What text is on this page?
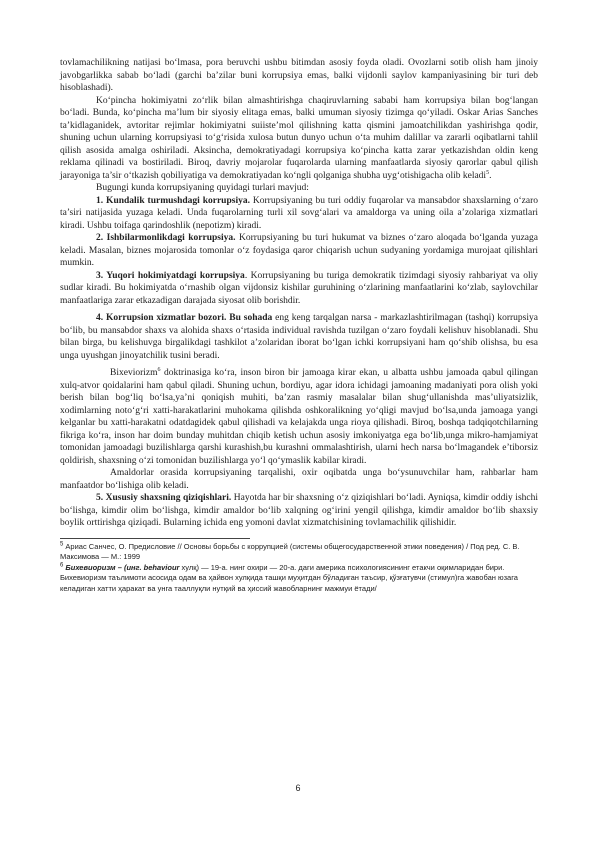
tovlamachilikning natijasi bo‘lmasa, pora beruvchi ushbu bitimdan asosiy foyda oladi. Ovozlarni sotib olish ham jinoiy javobgarlikka sabab bo‘ladi (garchi ba’zilar buni korrupsiya emas, balki vijdonli saylov kampaniyasining bir turi deb hisoblashadi).

Ko‘pincha hokimiyatni zo‘rlik bilan almashtirishga chaqiruvlarning sababi ham korrupsiya bilan bog‘langan bo‘ladi. Bunda, ko‘pincha ma’lum bir siyosiy elitaga emas, balki umuman siyosiy tizimga qo‘yiladi. Oskar Arias Sanches ta’kidlaganidek, avtoritar rejimlar hokimiyatni suiiste’mol qilishning katta qismini jamoatchilikdan yashirishga qodir, shuning uchun ularning korrupsiyasi to‘g‘risida xulosa butun dunyo uchun o‘ta muhim dalillar va zararli oqibatlarni tahlil qilish asosida amalga oshiriladi. Aksincha, demokratiyadagi korrupsiya ko‘pincha katta zarar yetkazishdan oldin keng reklama qilinadi va bostiriladi. Biroq, davriy mojarolar fuqarolarda ularning manfaatlarda siyosiy qarorlar qabul qilish jarayoniga ta’sir o‘tkazish qobiliyatiga va demokratiyadan ko‘ngli qolganiga shubha uyg‘otishigacha olib keladi$^5$.

Bugungi kunda korrupsiyaning quyidagi turlari mavjud:

1. Kundalik turmushdagi korrupsiya. Korrupsiyaning bu turi oddiy fuqarolar va mansabdor shaxslarning o‘zaro ta’siri natijasida yuzaga keladi. Unda fuqarolarning turli xil sovg‘alari va amaldorga va uning oila a’zolariga xizmatlari kiradi. Ushbu toifaga qarindoshlik (nepotizm) kiradi.

2. Ishbilarmonlikdagi korrupsiya. Korrupsiyaning bu turi hukumat va biznes o‘zaro aloqada bo‘lganda yuzaga keladi. Masalan, biznes mojarosida tomonlar o‘z foydasiga qaror chiqarish uchun sudyaning yordamiga murojaat qilishlari mumkin.

3. Yuqori hokimiyatdagi korrupsiya. Korrupsiyaning bu turiga demokratik tizimdagi siyosiy rahbariyat va oliy sudlar kiradi. Bu hokimiyatda o‘rnashib olgan vijdonsiz kishilar guruhining o‘zlarining manfaatlarini ko‘zlab, saylovchilar manfaatlariga zarar etkazadigan darajada siyosat olib borishdir.

4. Korrupsion xizmatlar bozori. Bu sohada eng keng tarqalgan narsa - markazlashtirilmagan (tashqi) korrupsiya bo‘lib, bu mansabdor shaxs va alohida shaxs o‘rtasida individual ravishda tuzilgan o‘zaro foydali kelishuv hisoblanadi. Shu bilan birga, bu kelishuvga birgalikdagi tashkilot a’zolaridan iborat bo‘lgan ichki korrupsiyani ham qo‘shib olishsa, bu esa unga uyushgan jinoyatchilik tusini beradi.

Bixeviorizm$^6$ doktrinasiga ko‘ra, inson biron bir jamoaga kirar ekan, u albatta ushbu jamoada qabul qilingan xulq-atvor qoidalarini ham qabul qiladi. Shuning uchun, bordiyu, agar idora ichidagi jamoaning madaniyati pora olish yoki berish bilan bog‘liq bo‘lsa,ya’ni qoniqish muhiti, ba’zan rasmiy masalalar bilan shug‘ullanishda mas’uliyatsizlik, xodimlarning noto‘g‘ri xatti-harakatlarini muhokama qilishda oshkoralikning yo‘qligi mavjud bo‘lsa,unda jamoaga yangi kelganlar bu xatti-harakatni odatdagidek qabul qilishadi va kelajakda unga rioya qilishadi. Biroq, boshqa tadqiqotchilarning fikriga ko‘ra, inson har doim bunday muhitdan chiqib ketish uchun asosiy imkoniyatga ega bo‘lib,unga mikro-hamjamiyat tomonidan jamoadagi buzilishlarga qarshi kurashish,bu kurashni ommalashtirish, ularni hech narsa bo‘lmagandek e’tiborsiz qoldirish, shaxsning o‘zi tomonidan buzilishlarga yo‘l qo‘ymaslik kabilar kiradi.

Amaldorlar orasida korrupsiyaning tarqalishi, oxir oqibatda unga bo‘ysunuvchilar ham, rahbarlar ham manfaatdor bo‘lishiga olib keladi.

5. Xususiy shaxsning qiziqishlari. Hayotda har bir shaxsning o‘z qiziqishlari bo‘ladi. Ayniqsa, kimdir oddiy ishchi bo‘lishga, kimdir olim bo‘lishga, kimdir amaldor bo‘lib xalqning og‘irini yengil qilishga, kimdir amaldor bo‘lib shaxsiy boylik orttirishga qiziqadi. Bularning ichida eng yomoni davlat xizmatchisining tovlamachilik qilishidir.

$^5$ Ариас Санчес, О. Предисловие // Основы борьбы с коррупцией (системы общегосударственной этики поведения) / Под ред. С. В. Максимова — М.: 1999

$^6$ Бихевиоризм – (инг. behaviour хулқ) — 19-а. нинг охири — 20-а. даги америка психологиясининг етакчи оқимларидан бири. Бихевиоризм таълимоти асосида одам ва ҳайвон хулқида ташқи муҳитдан бўладиган таъсир, қўзғатувчи (стимул)га жавобан юзага келадиган хатти ҳаракат ва унга тааллуқли нутқий ва ҳиссий жавобларнинг мажмуи ётади/

6
